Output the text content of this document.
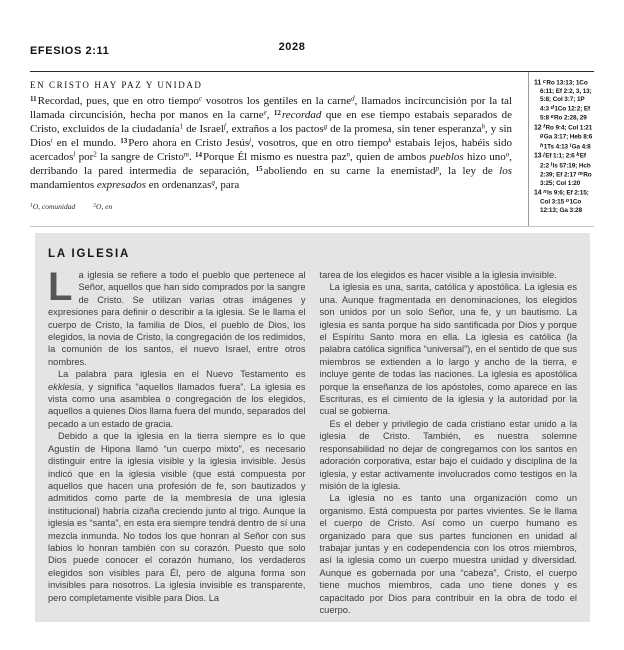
EFESIOS 2:11	2028
EN CRISTO HAY PAZ Y UNIDAD

$^{11}$Recordad, pues, que en otro tiempo$^c$ vosotros los gentiles en la carne$^d$, llamados incircuncisión por la tal llamada circuncisión, hecha por manos en la carne$^e$, $^{12}$recordad que en ese tiempo estabais separados de Cristo, excluidos de la ciudadanía$^1$ de Israel$^f$, extraños a los pactos$^g$ de la promesa, sin tener esperanza$^h$, y sin Dios$^i$ en el mundo. $^{13}$Pero ahora en Cristo Jesús$^j$, vosotros, que en otro tiempo$^k$ estabais lejos, habéis sido acercados$^l$ por$^2$ la sangre de Cristo$^m$. $^{14}$Porque Él mismo es nuestra paz$^n$, quien de ambos pueblos hizo uno$^o$, derribando la pared intermedia de separación, $^{15}$aboliendo en su carne la enemistad$^p$, la ley de los mandamientos expresados en ordenanzas$^q$, para

$^1$O, comunidad	$^2$O, en

11 $^c$Ro 13:13; 1Co 6:11; Ef 2:2, 3, 13; 5:8; Col 3:7; 1P 4:3 $^d$1Co 12:2; Ef 5:8 $^e$Ro 2:28, 29
12 $^f$Ro 9:4; Col 1:21 $^g$Ga 3:17; Heb 8:6 $^h$1Ts 4:13 $^i$Ga 4:8
13 $^j$Ef 1:1; 2:6 $^k$Ef 2:2 $^l$Is 57:19; Hch 2:39; Ef 2:17 $^m$Ro 3:25; Col 1:20
14 $^n$Is 9:6; Ef 2:15; Col 3:15 $^o$1Co 12:13; Ga 3:28
LA IGLESIA

La iglesia se refiere a todo el pueblo que pertenece al Señor, aquellos que han sido comprados por la sangre de Cristo. Se utilizan varias otras imágenes y expresiones para definir o describir a la iglesia. Se le llama el cuerpo de Cristo, la familia de Dios, el pueblo de Dios, los elegidos, la novia de Cristo, la congregación de los redimidos, la comunión de los santos, el nuevo Israel, entre otros nombres.

La palabra para iglesia en el Nuevo Testamento es ekklesia, y significa “aquellos llamados fuera”. La iglesia es vista como una asamblea o congregación de los elegidos, aquellos a quienes Dios llama fuera del mundo, separados del pecado a un estado de gracia.

Debido a que la iglesia en la tierra siempre es lo que Agustín de Hipona llamó “un cuerpo mixto”, es necesario distinguir entre la iglesia visible y la iglesia invisible. Jesús indicó que en la iglesia visible (que está compuesta por aquellos que hacen una profesión de fe, son bautizados y admitidos como parte de la membresía de una iglesia institucional) habría cizaña creciendo junto al trigo. Aunque la iglesia es “santa”, en esta era siempre tendrá dentro de sí una mezcla inmunda. No todos los que honran al Señor con sus labios lo honran también con su corazón. Puesto que solo Dios puede conocer el corazón humano, los verdaderos elegidos son visibles para Él, pero de alguna forma son invisibles para nosotros. La iglesia invisible es transparente, pero completamente visible para Dios. La

tarea de los elegidos es hacer visible a la iglesia invisible.

La iglesia es una, santa, católica y apostólica. La iglesia es una. Aunque fragmentada en denominaciones, los elegidos son unidos por un solo Señor, una fe, y un bautismo. La iglesia es santa porque ha sido santificada por Dios y porque el Espíritu Santo mora en ella. La iglesia es católica (la palabra católica significa “universal”), en el sentido de que sus miembros se extienden a lo largo y ancho de la tierra, e incluye gente de todas las naciones. La iglesia es apostólica porque la enseñanza de los apóstoles, como aparece en las Escrituras, es el cimiento de la iglesia y la autoridad por la cual se gobierna.

Es el deber y privilegio de cada cristiano estar unido a la iglesia de Cristo. También, es nuestra solemne responsabilidad no dejar de congregarnos con los santos en adoración corporativa, estar bajo el cuidado y disciplina de la iglesia, y estar activamente involucrados como testigos en la misión de la iglesia.

La iglesia no es tanto una organización como un organismo. Está compuesta por partes vivientes. Se le llama el cuerpo de Cristo. Así como un cuerpo humano es organizado para que sus partes funcionen en unidad al trabajar juntas y en codependencia con los otros miembros, así la iglesia como un cuerpo muestra unidad y diversidad. Aunque es gobernada por una “cabeza”, Cristo, el cuerpo tiene muchos miembros, cada uno tiene dones y es capacitado por Dios para contribuir en la obra de todo el cuerpo.
